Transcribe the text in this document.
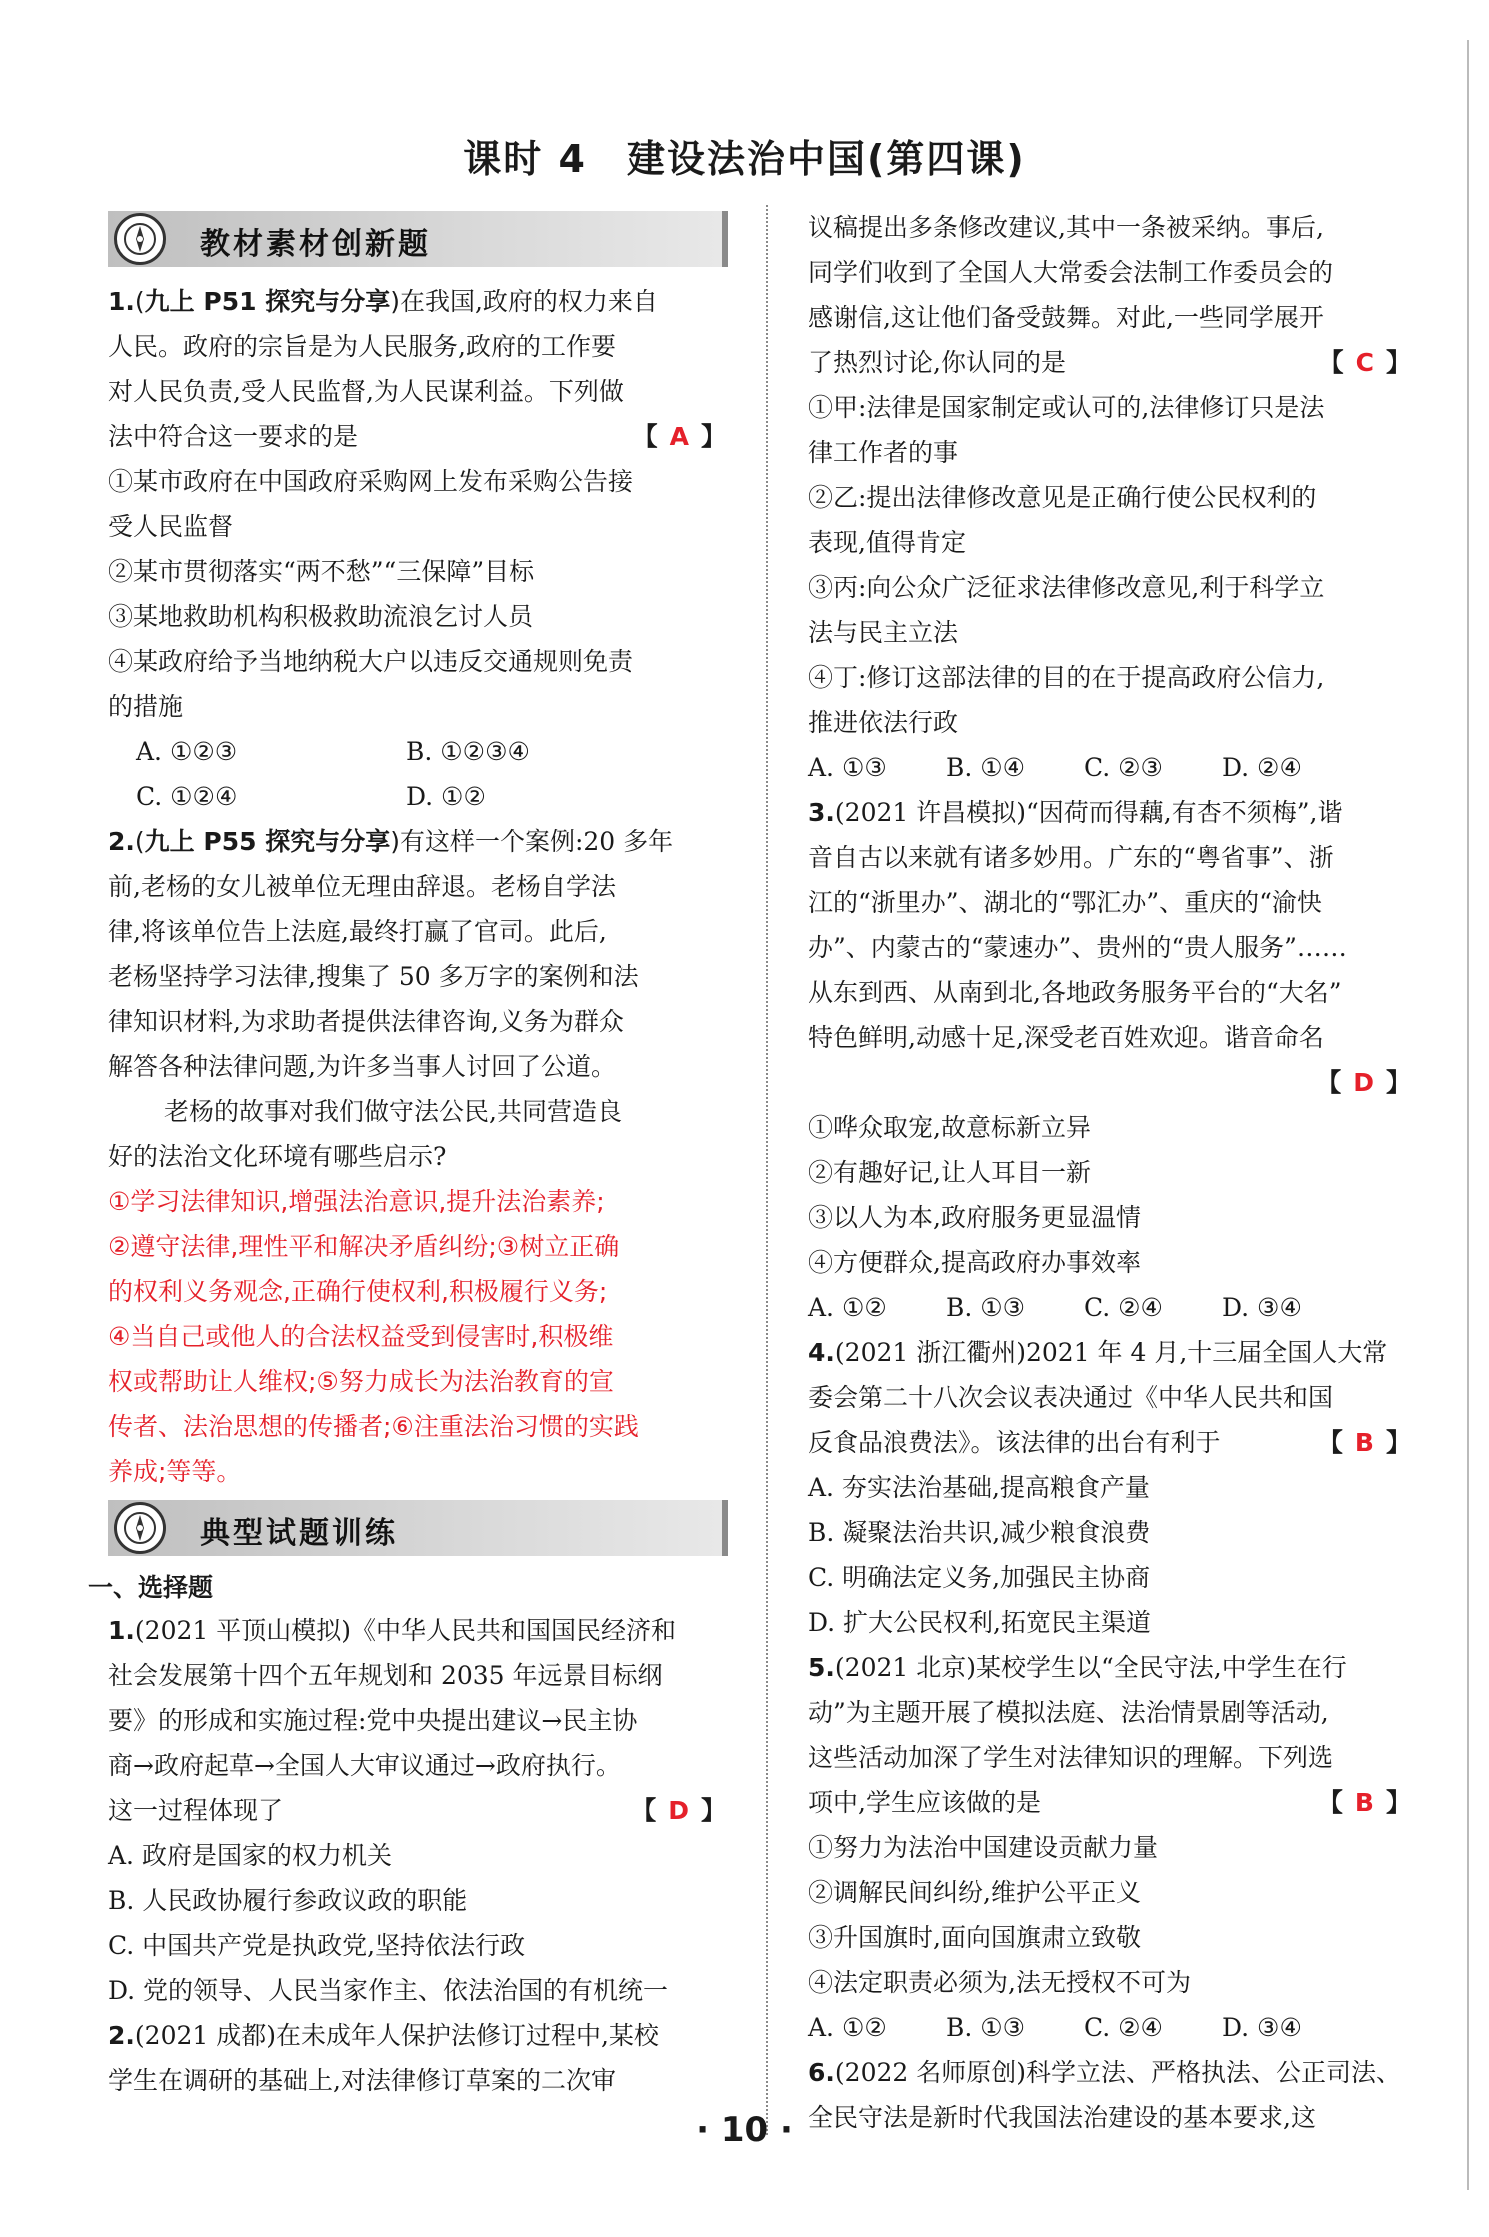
课时 4　建设法治中国(第四课)
教材素材创新题
1.(九上 P51 探究与分享)在我国,政府的权力来自
人民。政府的宗旨是为人民服务,政府的工作要
对人民负责,受人民监督,为人民谋利益。下列做
法中符合这一要求的是	【 A 】
①某市政府在中国政府采购网上发布采购公告接
受人民监督
②某市贯彻落实“两不愁”“三保障”目标
③某地救助机构积极救助流浪乞讨人员
④某政府给予当地纳税大户以违反交通规则免责
的措施
A. ①②③	B. ①②③④
C. ①②④	D. ①②
2.(九上 P55 探究与分享)有这样一个案例:20 多年
前,老杨的女儿被单位无理由辞退。老杨自学法
律,将该单位告上法庭,最终打赢了官司。此后,
老杨坚持学习法律,搜集了 50 多万字的案例和法
律知识材料,为求助者提供法律咨询,义务为群众
解答各种法律问题,为许多当事人讨回了公道。
老杨的故事对我们做守法公民,共同营造良
好的法治文化环境有哪些启示?
①学习法律知识,增强法治意识,提升法治素养;
②遵守法律,理性平和解决矛盾纠纷;③树立正确
的权利义务观念,正确行使权利,积极履行义务;
④当自己或他人的合法权益受到侵害时,积极维
权或帮助让人维权;⑤努力成长为法治教育的宣
传者、法治思想的传播者;⑥注重法治习惯的实践
养成;等等。
典型试题训练
一、选择题
1.(2021 平顶山模拟)《中华人民共和国国民经济和
社会发展第十四个五年规划和 2035 年远景目标纲
要》的形成和实施过程:党中央提出建议→民主协
商→政府起草→全国人大审议通过→政府执行。
这一过程体现了	【 D 】
A. 政府是国家的权力机关
B. 人民政协履行参政议政的职能
C. 中国共产党是执政党,坚持依法行政
D. 党的领导、人民当家作主、依法治国的有机统一
2.(2021 成都)在未成年人保护法修订过程中,某校
学生在调研的基础上,对法律修订草案的二次审
议稿提出多条修改建议,其中一条被采纳。事后,
同学们收到了全国人大常委会法制工作委员会的
感谢信,这让他们备受鼓舞。对此,一些同学展开
了热烈讨论,你认同的是	【 C 】
①甲:法律是国家制定或认可的,法律修订只是法
律工作者的事
②乙:提出法律修改意见是正确行使公民权利的
表现,值得肯定
③丙:向公众广泛征求法律修改意见,利于科学立
法与民主立法
④丁:修订这部法律的目的在于提高政府公信力,
推进依法行政
A. ①③	B. ①④	C. ②③	D. ②④
3.(2021 许昌模拟)“因荷而得藕,有杏不须梅”,谐
音自古以来就有诸多妙用。广东的“粤省事”、浙
江的“浙里办”、湖北的“鄂汇办”、重庆的“渝快
办”、内蒙古的“蒙速办”、贵州的“贵人服务”……
从东到西、从南到北,各地政务服务平台的“大名”
特色鲜明,动感十足,深受老百姓欢迎。谐音命名
【 D 】
①哗众取宠,故意标新立异
②有趣好记,让人耳目一新
③以人为本,政府服务更显温情
④方便群众,提高政府办事效率
A. ①②	B. ①③	C. ②④	D. ③④
4.(2021 浙江衢州)2021 年 4 月,十三届全国人大常
委会第二十八次会议表决通过《中华人民共和国
反食品浪费法》。该法律的出台有利于	【 B 】
A. 夯实法治基础,提高粮食产量
B. 凝聚法治共识,减少粮食浪费
C. 明确法定义务,加强民主协商
D. 扩大公民权利,拓宽民主渠道
5.(2021 北京)某校学生以“全民守法,中学生在行
动”为主题开展了模拟法庭、法治情景剧等活动,
这些活动加深了学生对法律知识的理解。下列选
项中,学生应该做的是	【 B 】
①努力为法治中国建设贡献力量
②调解民间纠纷,维护公平正义
③升国旗时,面向国旗肃立致敬
④法定职责必须为,法无授权不可为
A. ①②	B. ①③	C. ②④	D. ③④
6.(2022 名师原创)科学立法、严格执法、公正司法、
全民守法是新时代我国法治建设的基本要求,这
· 10 ·
